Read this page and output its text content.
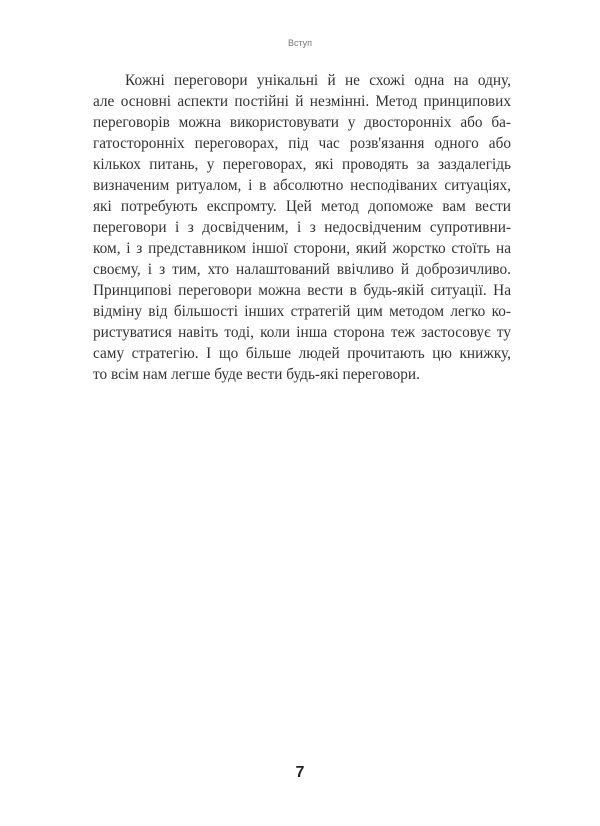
Вступ
Кожні переговори унікальні й не схожі одна на одну,
але основні аспекти постійні й незмінні. Метод принципових
переговорів можна використовувати у двосторонніх або ба-
гатосторонніх переговорах, під час розв'язання одного або
кількох питань, у переговорах, які проводять за заздалегідь
визначеним ритуалом, і в абсолютно несподіваних ситуаціях,
які потребують експромту. Цей метод допоможе вам вести
переговори і з досвідченим, і з недосвідченим супротивни-
ком, і з представником іншої сторони, який жорстко стоїть на
своєму, і з тим, хто налаштований ввічливо й доброзичливо.
Принципові переговори можна вести в будь-якій ситуації. На
відміну від більшості інших стратегій цим методом легко ко-
ристуватися навіть тоді, коли інша сторона теж застосовує ту
саму стратегію. І що більше людей прочитають цю книжку,
то всім нам легше буде вести будь-які переговори.
7
